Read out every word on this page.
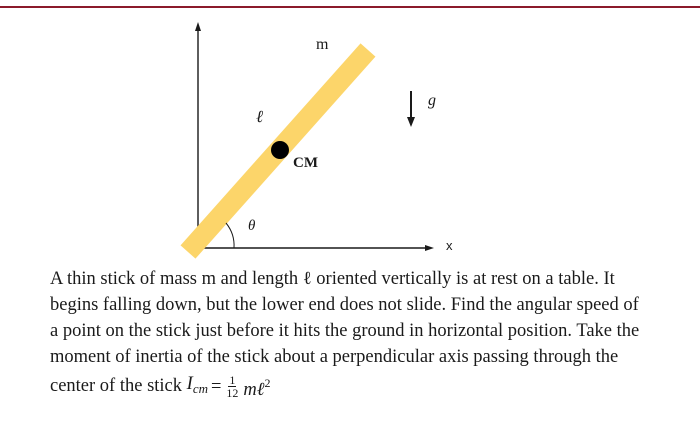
m
ℓ
g⃗
CM
θ
x

A thin stick of mass m and length ℓ oriented vertically is at rest on a table. It begins falling down, but the lower end does not slide. Find the angular speed of a point on the stick just before it hits the ground in horizontal position. Take the moment of inertia of the stick about a perpendicular axis passing through the center of the stick $I_{cm} = \frac{1}{12}$ mℓ$^2$
